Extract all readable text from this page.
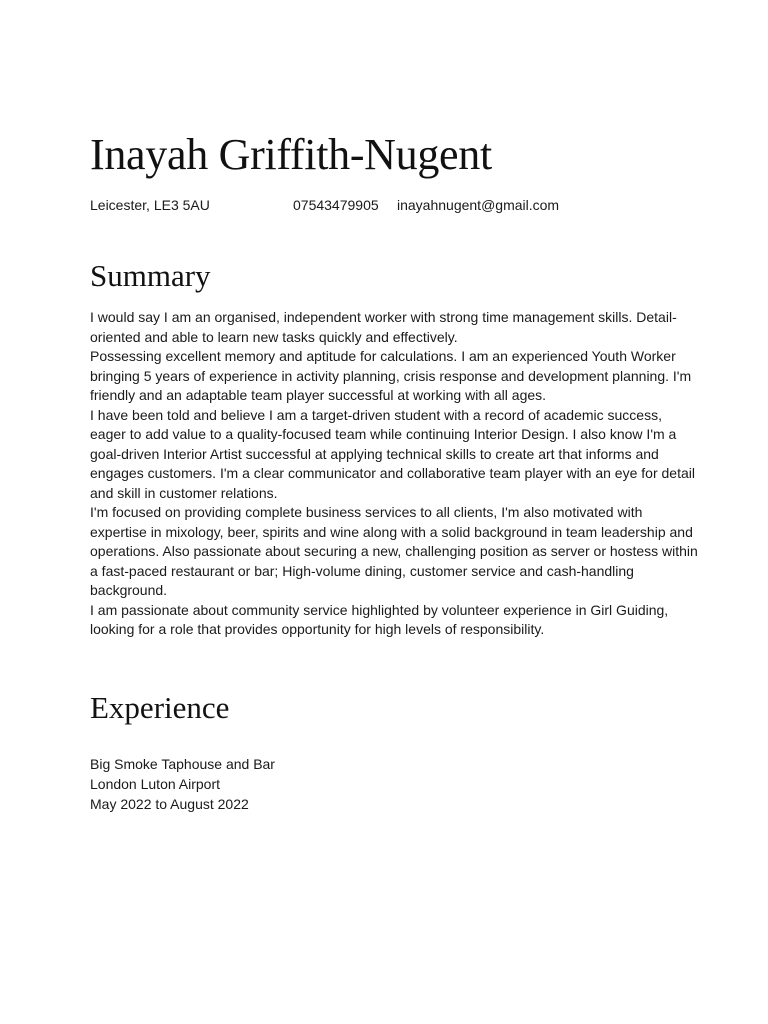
Inayah Griffith-Nugent
Leicester, LE3 5AU	07543479905 inayahnugent@gmail.com
Summary

I would say I am an organised, independent worker with strong time management skills. Detail-oriented and able to learn new tasks quickly and effectively.

Possessing excellent memory and aptitude for calculations. I am an experienced Youth Worker bringing 5 years of experience in activity planning, crisis response and development planning. I'm friendly and an adaptable team player successful at working with all ages.

I have been told and believe I am a target-driven student with a record of academic success, eager to add value to a quality-focused team while continuing Interior Design. I also know I'm a goal-driven Interior Artist successful at applying technical skills to create art that informs and engages customers. I'm a clear communicator and collaborative team player with an eye for detail and skill in customer relations.

I'm focused on providing complete business services to all clients, I'm also motivated with expertise in mixology, beer, spirits and wine along with a solid background in team leadership and operations. Also passionate about securing a new, challenging position as server or hostess within a fast-paced restaurant or bar; High-volume dining, customer service and cash-handling background.

I am passionate about community service highlighted by volunteer experience in Girl Guiding, looking for a role that provides opportunity for high levels of responsibility.

Experience
Big Smoke Taphouse and Bar
London Luton Airport
May 2022 to August 2022
